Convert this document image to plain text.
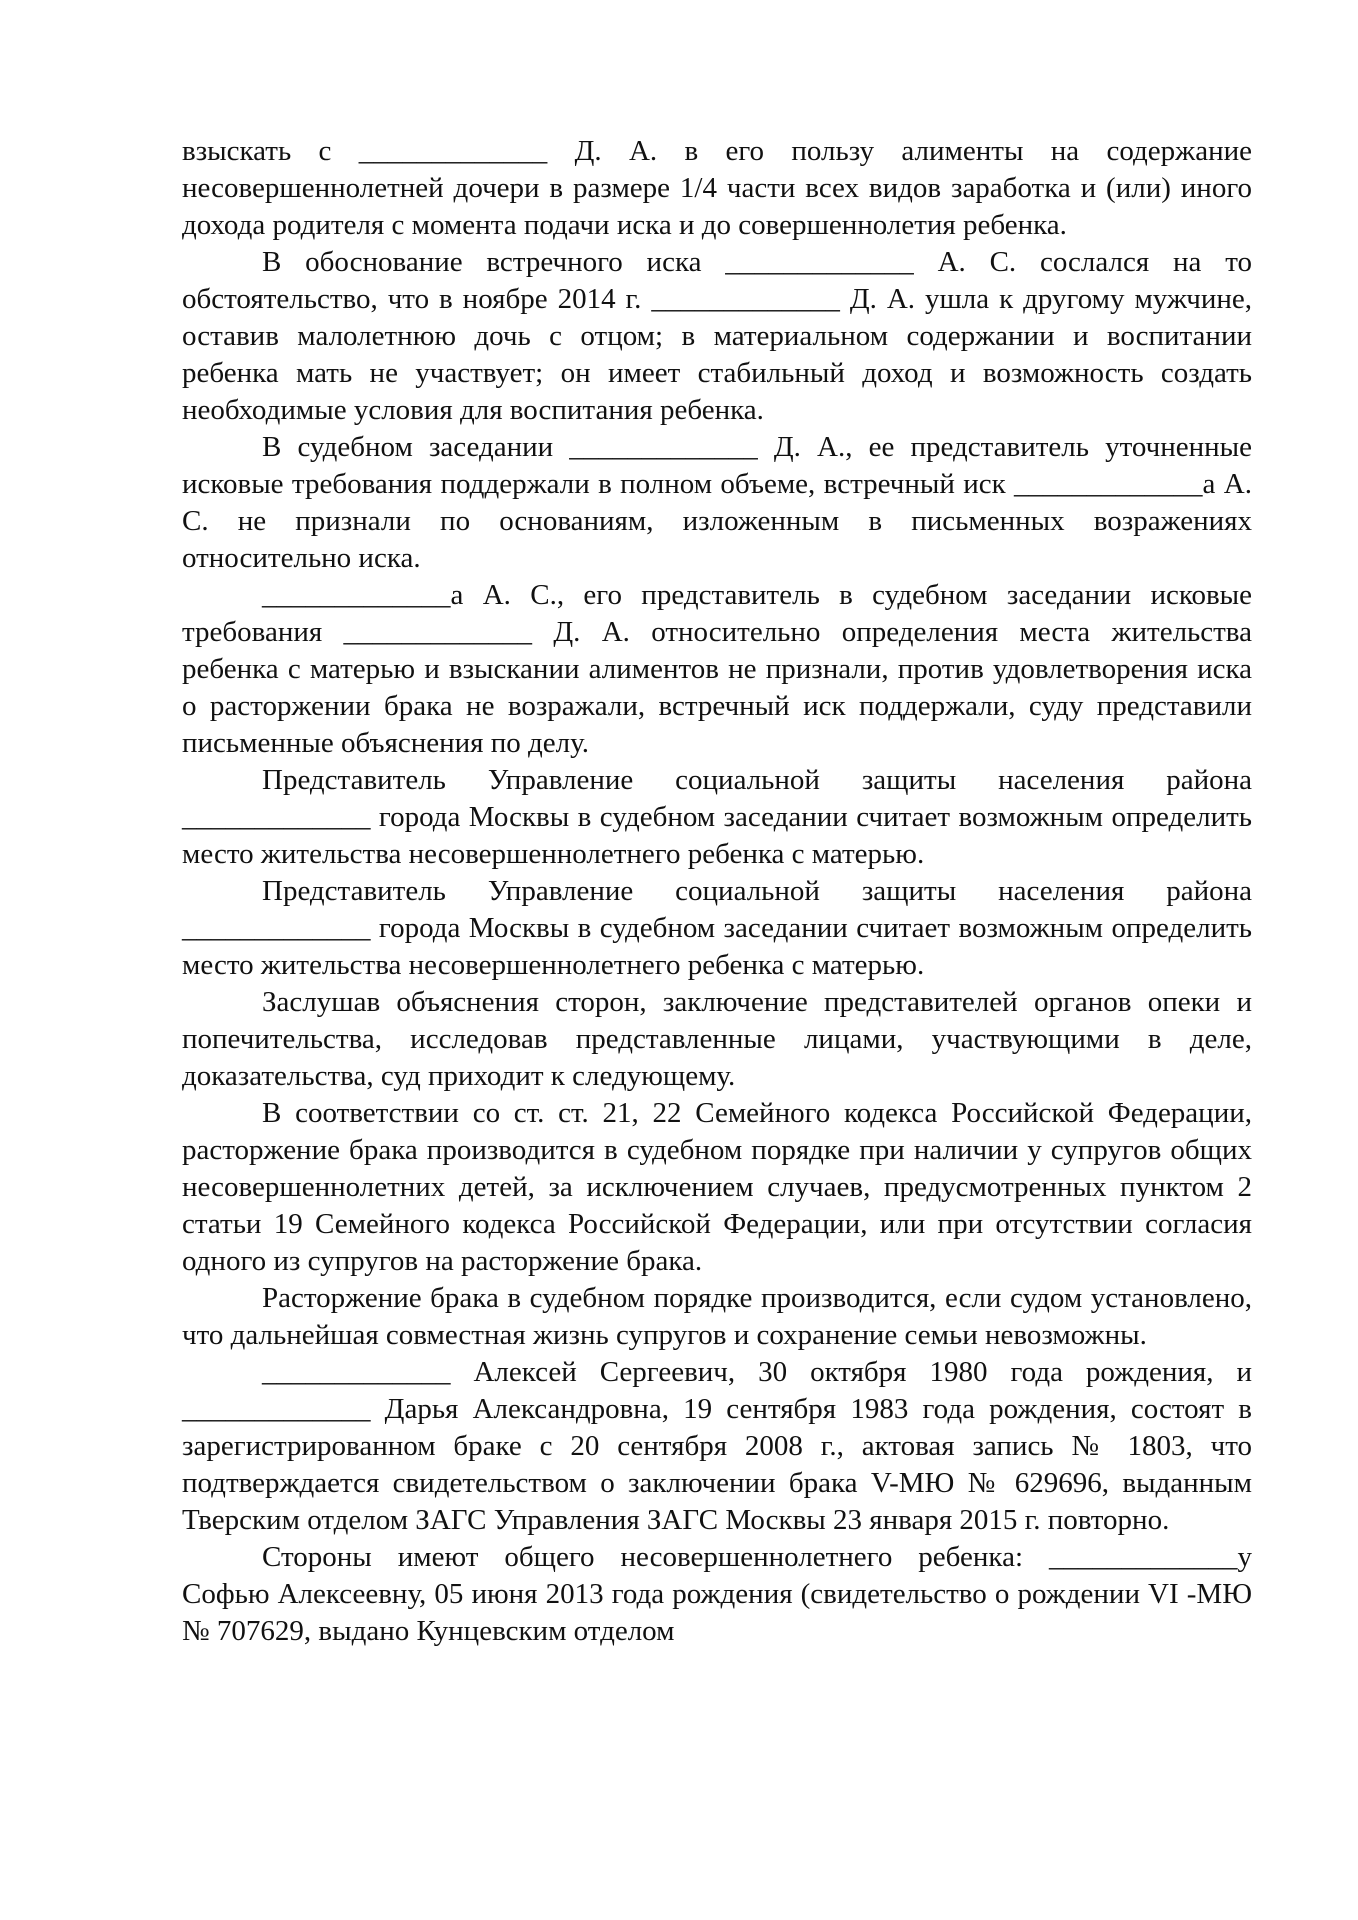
взыскать с _____________ Д. А. в его пользу алименты на содержание несовершеннолетней дочери в размере 1/4 части всех видов заработка и (или) иного дохода родителя с момента подачи иска и до совершеннолетия ребенка.

В обоснование встречного иска _____________ А. С. сослался на то обстоятельство, что в ноябре 2014 г. _____________ Д. А. ушла к другому мужчине, оставив малолетнюю дочь с отцом; в материальном содержании и воспитании ребенка мать не участвует; он имеет стабильный доход и возможность создать необходимые условия для воспитания ребенка.

В судебном заседании _____________ Д. А., ее представитель уточненные исковые требования поддержали в полном объеме, встречный иск _____________а А. С. не признали по основаниям, изложенным в письменных возражениях относительно иска.

_____________а А. С., его представитель в судебном заседании исковые требования _____________ Д. А. относительно определения места жительства ребенка с матерью и взыскании алиментов не признали, против удовлетворения иска о расторжении брака не возражали, встречный иск поддержали, суду представили письменные объяснения по делу.

Представитель Управление социальной защиты населения района _____________ города Москвы в судебном заседании считает возможным определить место жительства несовершеннолетнего ребенка с матерью.

Представитель Управление социальной защиты населения района _____________ города Москвы в судебном заседании считает возможным определить место жительства несовершеннолетнего ребенка с матерью.

Заслушав объяснения сторон, заключение представителей органов опеки и попечительства, исследовав представленные лицами, участвующими в деле, доказательства, суд приходит к следующему.

В соответствии со ст. ст. 21, 22 Семейного кодекса Российской Федерации, расторжение брака производится в судебном порядке при наличии у супругов общих несовершеннолетних детей, за исключением случаев, предусмотренных пунктом 2 статьи 19 Семейного кодекса Российской Федерации, или при отсутствии согласия одного из супругов на расторжение брака.

Расторжение брака в судебном порядке производится, если судом установлено, что дальнейшая совместная жизнь супругов и сохранение семьи невозможны.

_____________ Алексей Сергеевич, 30 октября 1980 года рождения, и _____________ Дарья Александровна, 19 сентября 1983 года рождения, состоят в зарегистрированном браке с 20 сентября 2008 г., актовая запись № 1803, что подтверждается свидетельством о заключении брака V-МЮ № 629696, выданным Тверским отделом ЗАГС Управления ЗАГС Москвы 23 января 2015 г. повторно.

Стороны имеют общего несовершеннолетнего ребенка: _____________у Софью Алексеевну, 05 июня 2013 года рождения (свидетельство о рождении VI -МЮ № 707629, выдано Кунцевским отделом
